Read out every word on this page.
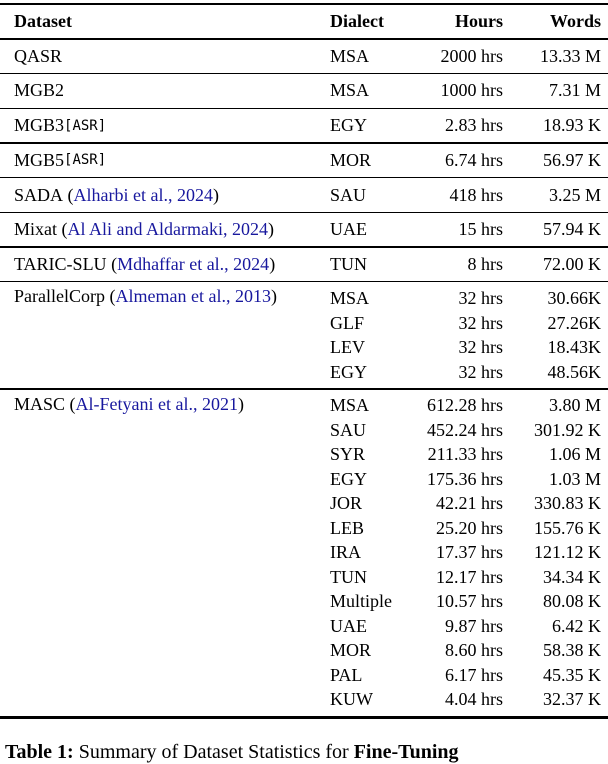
Dataset	Dialect	Hours	Words
QASR	MSA	2000 hrs	13.33 M
MGB2	MSA	1000 hrs	7.31 M
MGB3 [ASR]	EGY	2.83 hrs	18.93 K
MGB5 [ASR]	MOR	6.74 hrs	56.97 K
SADA ( Alharbi et al., 2024 )	SAU	418 hrs	3.25 M
Mixat ( Al Ali and Aldarmaki, 2024 )	UAE	15 hrs	57.94 K
TARIC-SLU ( Mdhaffar et al., 2024 )	TUN	8 hrs	72.00 K
ParallelCorp ( Almeman et al., 2013 )	MSA	32 hrs	30.66K
GLF	32 hrs	27.26K
LEV	32 hrs	18.43K
EGY	32 hrs	48.56K
MASC ( Al-Fetyani et al., 2021 )	MSA	612.28 hrs	3.80 M
SAU	452.24 hrs	301.92 K
SYR	211.33 hrs	1.06 M
EGY	175.36 hrs	1.03 M
JOR	42.21 hrs	330.83 K
LEB	25.20 hrs	155.76 K
IRA	17.37 hrs	121.12 K
TUN	12.17 hrs	34.34 K
Multiple	10.57 hrs	80.08 K
UAE	9.87 hrs	6.42 K
MOR	8.60 hrs	58.38 K
PAL	6.17 hrs	45.35 K
KUW	4.04 hrs	32.37 K
Table 1: Summary of Dataset Statistics for Fine-Tuning
